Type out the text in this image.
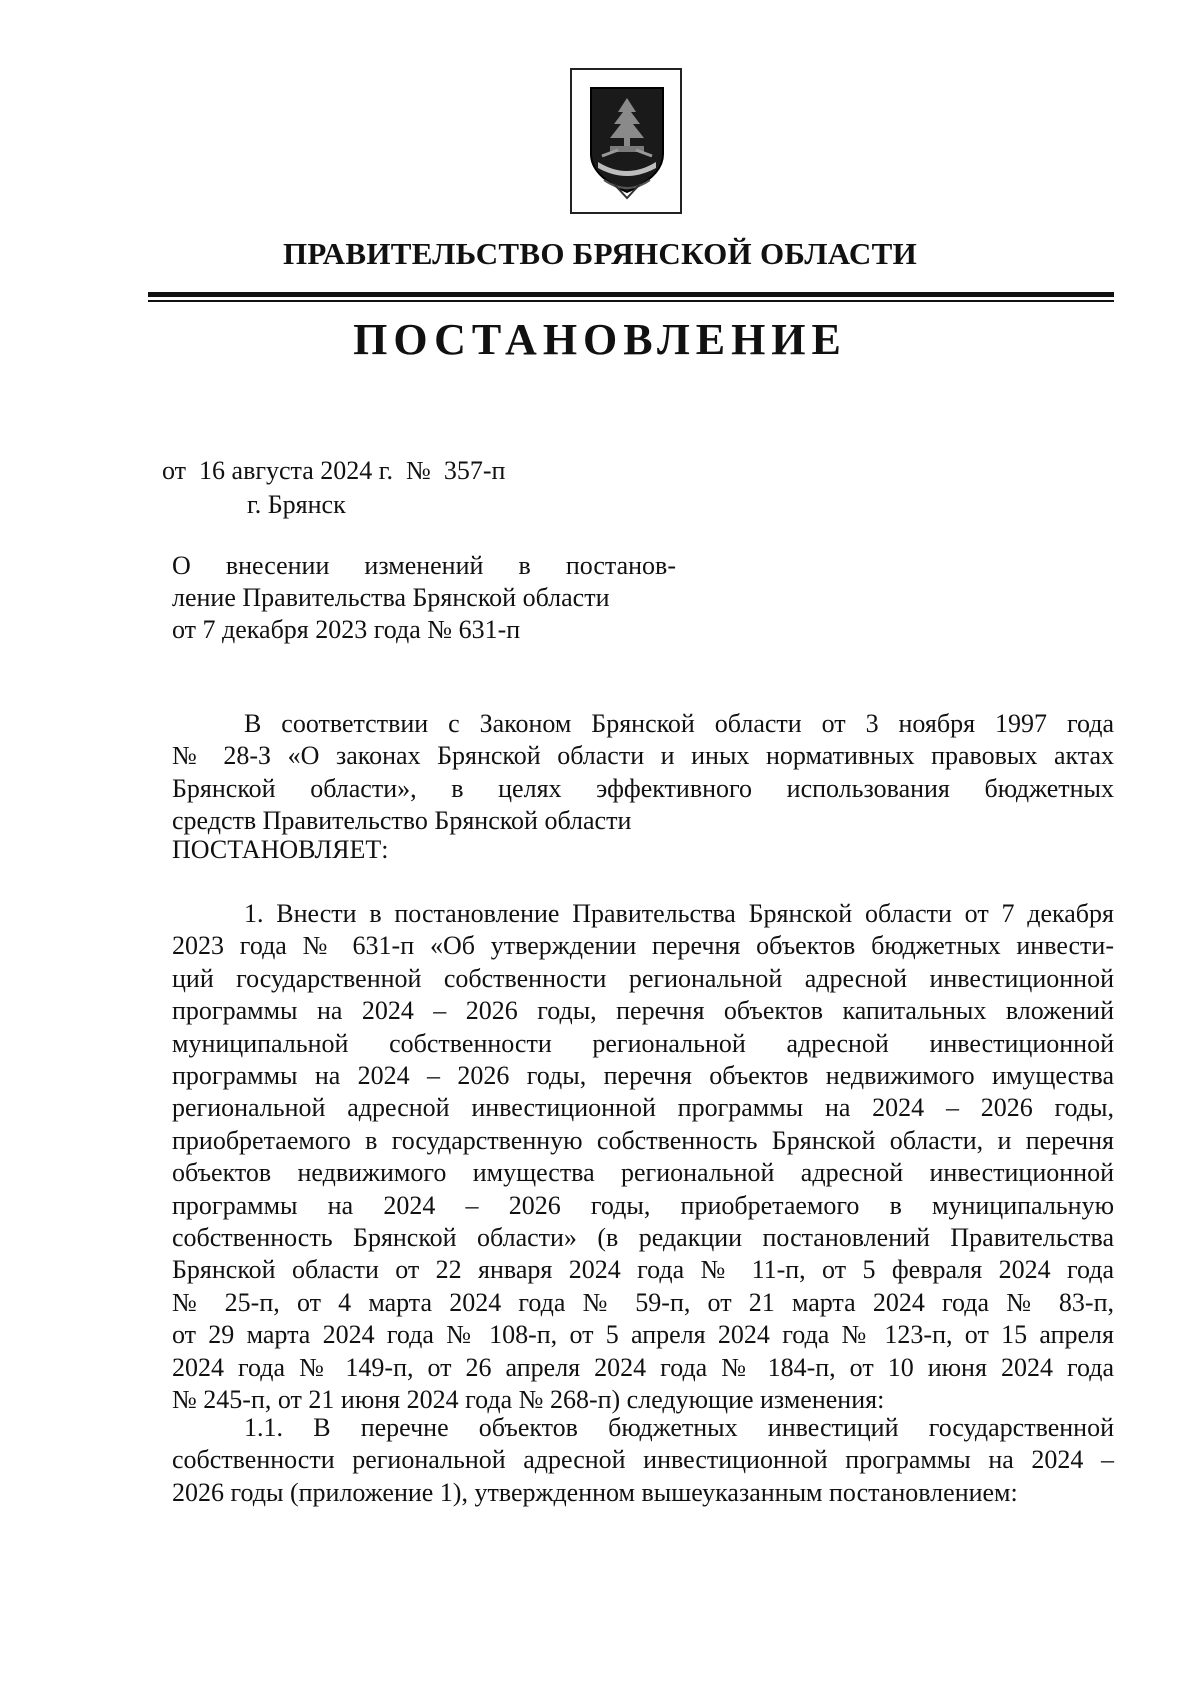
ПРАВИТЕЛЬСТВО БРЯНСКОЙ ОБЛАСТИ
ПОСТАНОВЛЕНИЕ
от 16 августа 2024 г. № 357-п
г. Брянск
О внесении изменений в постанов-
ление Правительства Брянской области
от 7 декабря 2023 года № 631-п
В соответствии с Законом Брянской области от 3 ноября 1997 года
№ 28-З «О законах Брянской области и иных нормативных правовых актах
Брянской области», в целях эффективного использования бюджетных
средств Правительство Брянской области
ПОСТАНОВЛЯЕТ:
1. Внести в постановление Правительства Брянской области от 7 декабря
2023 года № 631-п «Об утверждении перечня объектов бюджетных инвести-
ций государственной собственности региональной адресной инвестиционной
программы на 2024 – 2026 годы, перечня объектов капитальных вложений
муниципальной собственности региональной адресной инвестиционной
программы на 2024 – 2026 годы, перечня объектов недвижимого имущества
региональной адресной инвестиционной программы на 2024 – 2026 годы,
приобретаемого в государственную собственность Брянской области, и перечня
объектов недвижимого имущества региональной адресной инвестиционной
программы на 2024 – 2026 годы, приобретаемого в муниципальную
собственность Брянской области» (в редакции постановлений Правительства
Брянской области от 22 января 2024 года № 11-п, от 5 февраля 2024 года
№ 25-п, от 4 марта 2024 года № 59-п, от 21 марта 2024 года № 83-п,
от 29 марта 2024 года № 108-п, от 5 апреля 2024 года № 123-п, от 15 апреля
2024 года № 149-п, от 26 апреля 2024 года № 184-п, от 10 июня 2024 года
№ 245-п, от 21 июня 2024 года № 268-п) следующие изменения:
1.1. В перечне объектов бюджетных инвестиций государственной
собственности региональной адресной инвестиционной программы на 2024 –
2026 годы (приложение 1), утвержденном вышеуказанным постановлением:
